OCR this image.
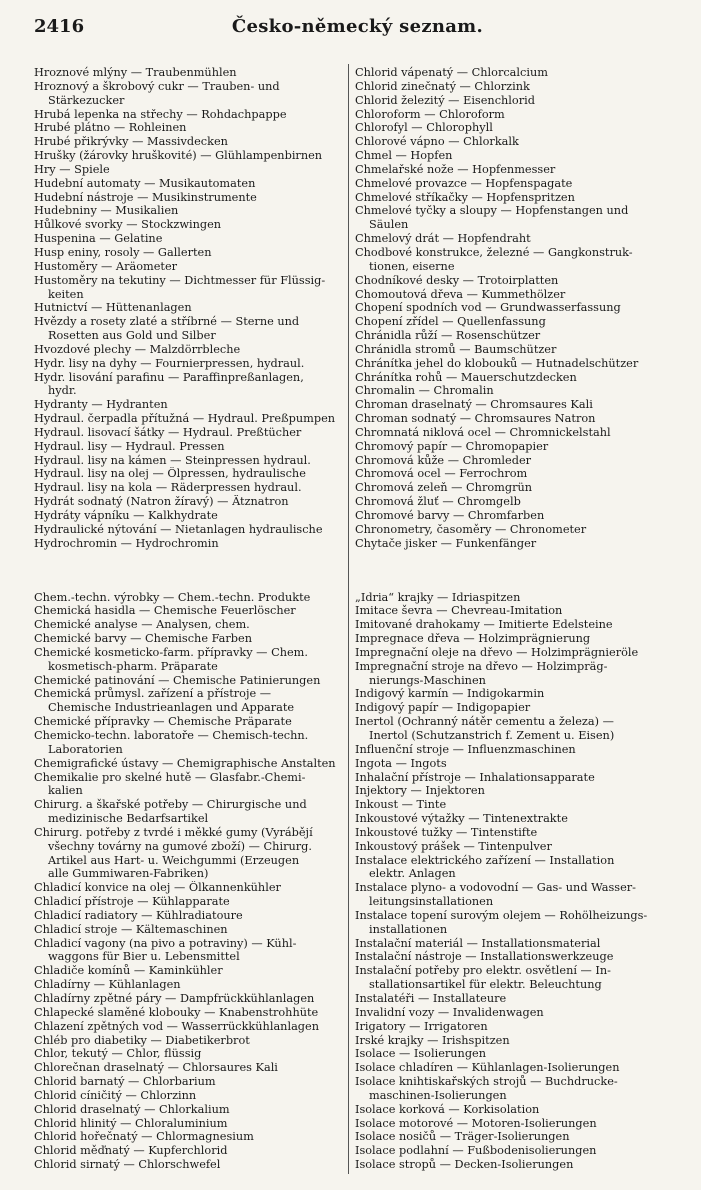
2416	Česko-německý seznam.
Hroznové mlýny — Traubenmühlen
Hroznový a škrobový cukr — Trauben- und
Stärkezucker
Hrubá lepenka na střechy — Rohdachpappe
Hrubé plátno — Rohleinen
Hrubé přikrývky — Massivdecken
Hrušky (žárovky hruškovité) — Glühlampenbirnen
Hry — Spiele
Hudební automaty — Musikautomaten
Hudební nástroje — Musikinstrumente
Hudebniny — Musikalien
Hůlkové svorky — Stockzwingen
Huspenina — Gelatine
Husp eniny, rosoly — Gallerten
Hustoměry — Aräometer
Hustoměry na tekutiny — Dichtmesser für Flüssig-
keiten
Hutnictví — Hüttenanlagen
Hvězdy a rosety zlaté a stříbrné — Sterne und
Rosetten aus Gold und Silber
Hvozdové plechy — Malzdörrbleche
Hydr. lisy na dyhy — Fournierpressen, hydraul.
Hydr. lisování parafinu — Paraffinpreßanlagen,
hydr.
Hydranty — Hydranten
Hydraul. čerpadla přítužná — Hydraul. Preßpumpen
Hydraul. lisovací šátky — Hydraul. Preßtücher
Hydraul. lisy — Hydraul. Pressen
Hydraul. lisy na kámen — Steinpressen hydraul.
Hydraul. lisy na olej — Ölpressen, hydraulische
Hydraul. lisy na kola — Räderpressen hydraul.
Hydrát sodnatý (Natron žíravý) — Ätznatron
Hydráty vápníku — Kalkhydrate
Hydraulické nýtování — Nietanlagen hydraulische
Hydrochromin — Hydrochromin
Chem.-techn. výrobky — Chem.-techn. Produkte
Chemická hasidla — Chemische Feuerlöscher
Chemické analyse — Analysen, chem.
Chemické barvy — Chemische Farben
Chemické kosmeticko-farm. přípravky — Chem.
kosmetisch-pharm. Präparate
Chemické patinování — Chemische Patinierungen
Chemická průmysl. zařízení a přístroje —
Chemische Industrieanlagen und Apparate
Chemické přípravky — Chemische Präparate
Chemicko-techn. laboratoře — Chemisch-techn.
Laboratorien
Chemigrafické ústavy — Chemigraphische Anstalten
Chemikalie pro skelné hutě — Glasfabr.-Chemi-
kalien
Chirurg. a škařské potřeby — Chirurgische und
medizinische Bedarfsartikel
Chirurg. potřeby z tvrdé i měkké gumy (Vyrábějí
všechny továrny na gumové zboží) — Chirurg.
Artikel aus Hart- u. Weichgummi (Erzeugen
alle Gummiwaren-Fabriken)
Chladicí konvice na olej — Ölkannenkühler
Chladicí přístroje — Kühlapparate
Chladicí radiatory — Kühlradiatoure
Chladicí stroje — Kältemaschinen
Chladicí vagony (na pivo a potraviny) — Kühl-
waggons für Bier u. Lebensmittel
Chladiče komínů — Kaminkühler
Chladírny — Kühlanlagen
Chladírny zpětné páry — Dampfrückkühlanlagen
Chlapecké slaměné klobouky — Knabenstrohhüte
Chlazení zpětných vod — Wasserrückkühlanlagen
Chléb pro diabetiky — Diabetikerbrot
Chlor, tekutý — Chlor, flüssig
Chlorečnan draselnatý — Chlorsaures Kali
Chlorid barnatý — Chlorbarium
Chlorid cíničitý — Chlorzinn
Chlorid draselnatý — Chlorkalium
Chlorid hlinitý — Chloraluminium
Chlorid hořečnatý — Chlormagnesium
Chlorid měďnatý — Kupferchlorid
Chlorid sirnatý — Chlorschwefel
Chlorid vápenatý — Chlorcalcium
Chlorid zinečnatý — Chlorzink
Chlorid železitý — Eisenchlorid
Chloroform — Chloroform
Chlorofyl — Chlorophyll
Chlorové vápno — Chlorkalk
Chmel — Hopfen
Chmelařské nože — Hopfenmesser
Chmelové provazce — Hopfenspagate
Chmelové stříkačky — Hopfenspritzen
Chmelové tyčky a sloupy — Hopfenstangen und
Säulen
Chmelový drát — Hopfendraht
Chodbové konstrukce, železné — Gangkonstruk-
tionen, eiserne
Chodníkové desky — Trotoirplatten
Chomoutová dřeva — Kummethölzer
Chopení spodních vod — Grundwasserfassung
Chopení zřídel — Quellenfassung
Chránidla růží — Rosenschützer
Chránidla stromů — Baumschützer
Chránítka jehel do klobouků — Hutnadelschützer
Chránítka rohů — Mauerschutzdecken
Chromalin — Chromalin
Chroman draselnatý — Chromsaures Kali
Chroman sodnatý — Chromsaures Natron
Chromnatá niklová ocel — Chromnickelstahl
Chromový papír — Chromopapier
Chromová kůže — Chromleder
Chromová ocel — Ferrochrom
Chromová zeleň — Chromgrün
Chromová žluť — Chromgelb
Chromové barvy — Chromfarben
Chronometry, časoměry — Chronometer
Chytače jisker — Funkenfänger
„Idria“ krajky — Idriaspitzen
Imitace ševra — Chevreau-Imitation
Imitované drahokamy — Imitierte Edelsteine
Impregnace dřeva — Holzimprägnierung
Impregnační oleje na dřevo — Holzimprägnieröle
Impregnační stroje na dřevo — Holzimpräg-
nierungs-Maschinen
Indigový karmín — Indigokarmin
Indigový papír — Indigopapier
Inertol (Ochranný nátěr cementu a železa) —
Inertol (Schutzanstrich f. Zement u. Eisen)
Influenční stroje — Influenzmaschinen
Ingota — Ingots
Inhalační přístroje — Inhalationsapparate
Injektory — Injektoren
Inkoust — Tinte
Inkoustové výtažky — Tintenextrakte
Inkoustové tužky — Tintenstifte
Inkoustový prášek — Tintenpulver
Instalace elektrického zařízení — Installation
elektr. Anlagen
Instalace plyno- a vodovodní — Gas- und Wasser-
leitungsinstallationen
Instalace topení surovým olejem — Rohölheizungs-
installationen
Instalační materiál — Installationsmaterial
Instalační nástroje — Installationswerkzeuge
Instalační potřeby pro elektr. osvětlení — In-
stallationsartikel für elektr. Beleuchtung
Instalatéři — Installateure
Invalidní vozy — Invalidenwagen
Irigatory — Irrigatoren
Irské krajky — Irishspitzen
Isolace — Isolierungen
Isolace chladíren — Kühlanlagen-Isolierungen
Isolace knihtiskařských strojů — Buchdrucke-
maschinen-Isolierungen
Isolace korková — Korkisolation
Isolace motorové — Motoren-Isolierungen
Isolace nosičů — Träger-Isolierungen
Isolace podlahní — Fußbodenisolierungen
Isolace stropů — Decken-Isolierungen
